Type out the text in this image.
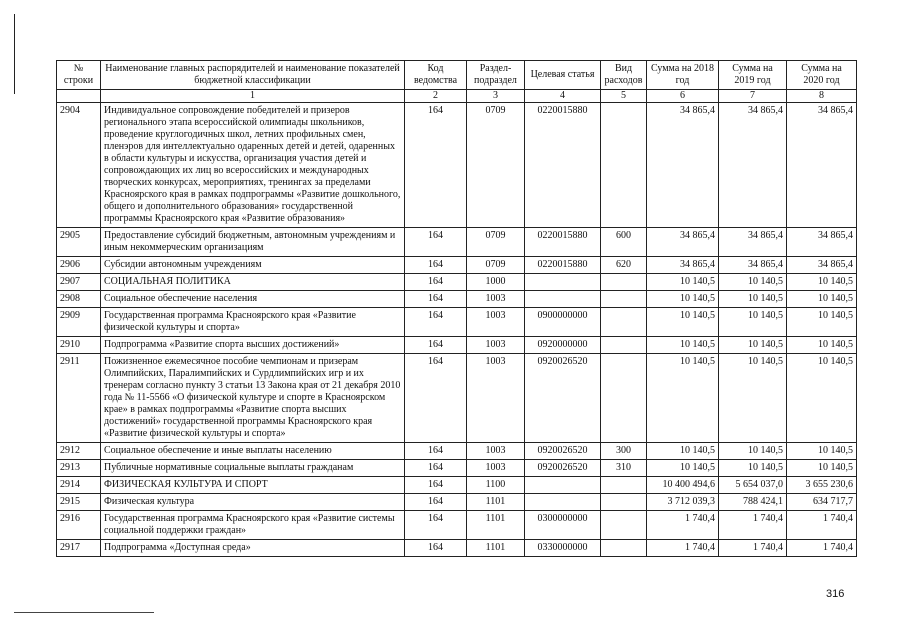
№ строки	Наименование главных распорядителей и наименование показателей бюджетной классификации	Код ведомства	Раздел-подраздел	Целевая статья	Вид расходов	Сумма на 2018 год	Сумма на 2019 год	Сумма на 2020 год
	1	2	3	4	5	6	7	8
2904	Индивидуальное сопровождение победителей и призеров регионального этапа всероссийской олимпиады школьников, проведение круглогодичных школ, летних профильных смен, пленэров для интеллектуально одаренных детей и детей, одаренных в области культуры и искусства, организация участия детей и сопровождающих их лиц во всероссийских и международных творческих конкурсах, мероприятиях, тренингах за пределами Красноярского края в рамках подпрограммы «Развитие дошкольного, общего и дополнительного образования» государственной программы Красноярского края «Развитие образования»	164	0709	0220015880		34 865,4	34 865,4	34 865,4
2905	Предоставление субсидий бюджетным, автономным учреждениям и иным некоммерческим организациям	164	0709	0220015880	600	34 865,4	34 865,4	34 865,4
2906	Субсидии автономным учреждениям	164	0709	0220015880	620	34 865,4	34 865,4	34 865,4
2907	СОЦИАЛЬНАЯ ПОЛИТИКА	164	1000			10 140,5	10 140,5	10 140,5
2908	Социальное обеспечение населения	164	1003			10 140,5	10 140,5	10 140,5
2909	Государственная программа Красноярского края «Развитие физической культуры и спорта»	164	1003	0900000000		10 140,5	10 140,5	10 140,5
2910	Подпрограмма «Развитие спорта высших достижений»	164	1003	0920000000		10 140,5	10 140,5	10 140,5
2911	Пожизненное ежемесячное пособие чемпионам и призерам Олимпийских, Паралимпийских и Сурдлимпийских игр и их тренерам согласно пункту 3 статьи 13 Закона края от 21 декабря 2010 года № 11-5566 «О физической культуре и спорте в Красноярском крае» в рамках подпрограммы «Развитие спорта высших достижений» государственной программы Красноярского края «Развитие физической культуры и спорта»	164	1003	0920026520		10 140,5	10 140,5	10 140,5
2912	Социальное обеспечение и иные выплаты населению	164	1003	0920026520	300	10 140,5	10 140,5	10 140,5
2913	Публичные нормативные социальные выплаты гражданам	164	1003	0920026520	310	10 140,5	10 140,5	10 140,5
2914	ФИЗИЧЕСКАЯ КУЛЬТУРА И СПОРТ	164	1100			10 400 494,6	5 654 037,0	3 655 230,6
2915	Физическая культура	164	1101			3 712 039,3	788 424,1	634 717,7
2916	Государственная программа Красноярского края «Развитие системы социальной поддержки граждан»	164	1101	0300000000		1 740,4	1 740,4	1 740,4
2917	Подпрограмма «Доступная среда»	164	1101	0330000000		1 740,4	1 740,4	1 740,4
316
